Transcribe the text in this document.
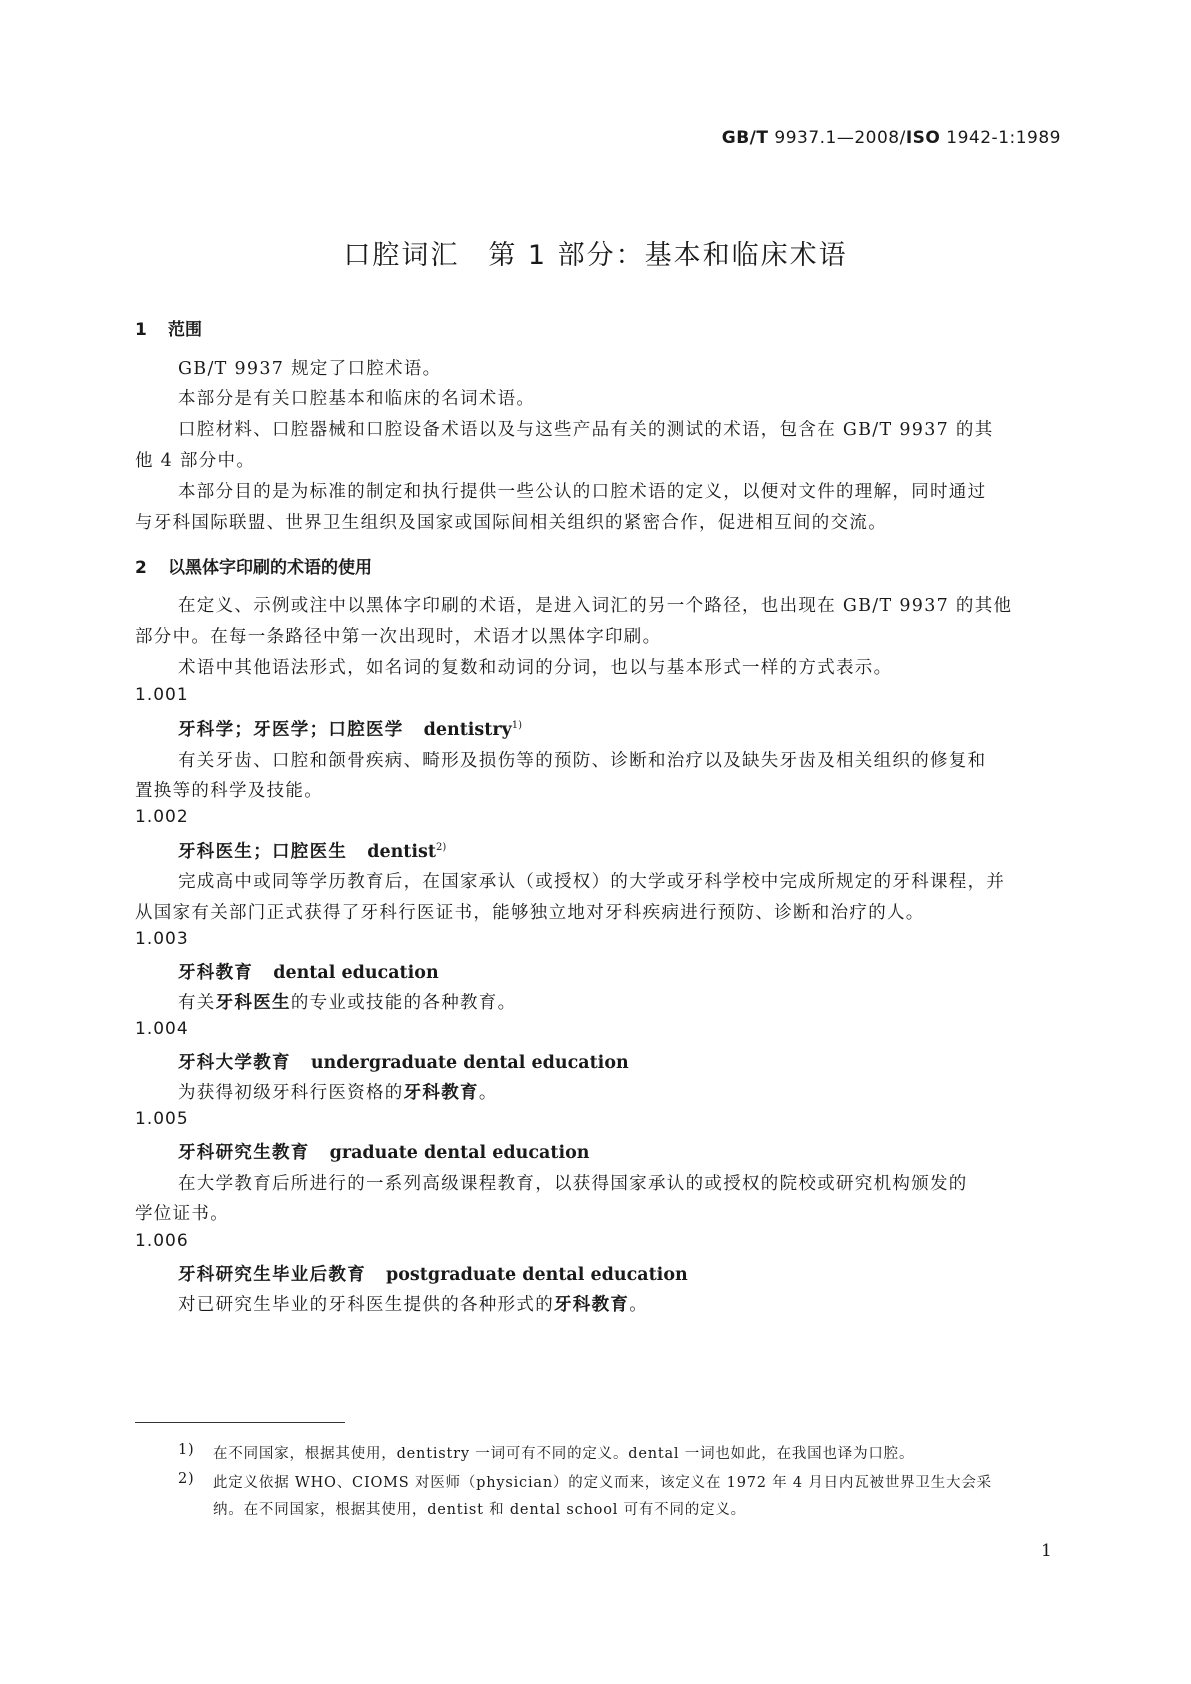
GB/T 9937.1—2008/ISO 1942-1:1989
口腔词汇　第 1 部分：基本和临床术语
1 范围
GB/T 9937 规定了口腔术语。
本部分是有关口腔基本和临床的名词术语。
口腔材料、口腔器械和口腔设备术语以及与这些产品有关的测试的术语，包含在 GB/T 9937 的其
他 4 部分中。
本部分目的是为标准的制定和执行提供一些公认的口腔术语的定义，以便对文件的理解，同时通过
与牙科国际联盟、世界卫生组织及国家或国际间相关组织的紧密合作，促进相互间的交流。
2 以黑体字印刷的术语的使用
在定义、示例或注中以黑体字印刷的术语，是进入词汇的另一个路径，也出现在 GB/T 9937 的其他
部分中。在每一条路径中第一次出现时，术语才以黑体字印刷。
术语中其他语法形式，如名词的复数和动词的分词，也以与基本形式一样的方式表示。
1.001
牙科学；牙医学；口腔医学 dentistry$^{1)}$
有关牙齿、口腔和颌骨疾病、畸形及损伤等的预防、诊断和治疗以及缺失牙齿及相关组织的修复和
置换等的科学及技能。
1.002
牙科医生；口腔医生 dentist$^{2)}$
完成高中或同等学历教育后，在国家承认（或授权）的大学或牙科学校中完成所规定的牙科课程，并
从国家有关部门正式获得了牙科行医证书，能够独立地对牙科疾病进行预防、诊断和治疗的人。
1.003
牙科教育 dental education
有关牙科医生的专业或技能的各种教育。
1.004
牙科大学教育 undergraduate dental education
为获得初级牙科行医资格的牙科教育。
1.005
牙科研究生教育 graduate dental education
在大学教育后所进行的一系列高级课程教育，以获得国家承认的或授权的院校或研究机构颁发的
学位证书。
1.006
牙科研究生毕业后教育 postgraduate dental education
对已研究生毕业的牙科医生提供的各种形式的牙科教育。
1) 在不同国家，根据其使用，dentistry 一词可有不同的定义。dental 一词也如此，在我国也译为口腔。
2) 此定义依据 WHO、CIOMS 对医师（physician）的定义而来，该定义在 1972 年 4 月日内瓦被世界卫生大会采
纳。在不同国家，根据其使用，dentist 和 dental school 可有不同的定义。
1
